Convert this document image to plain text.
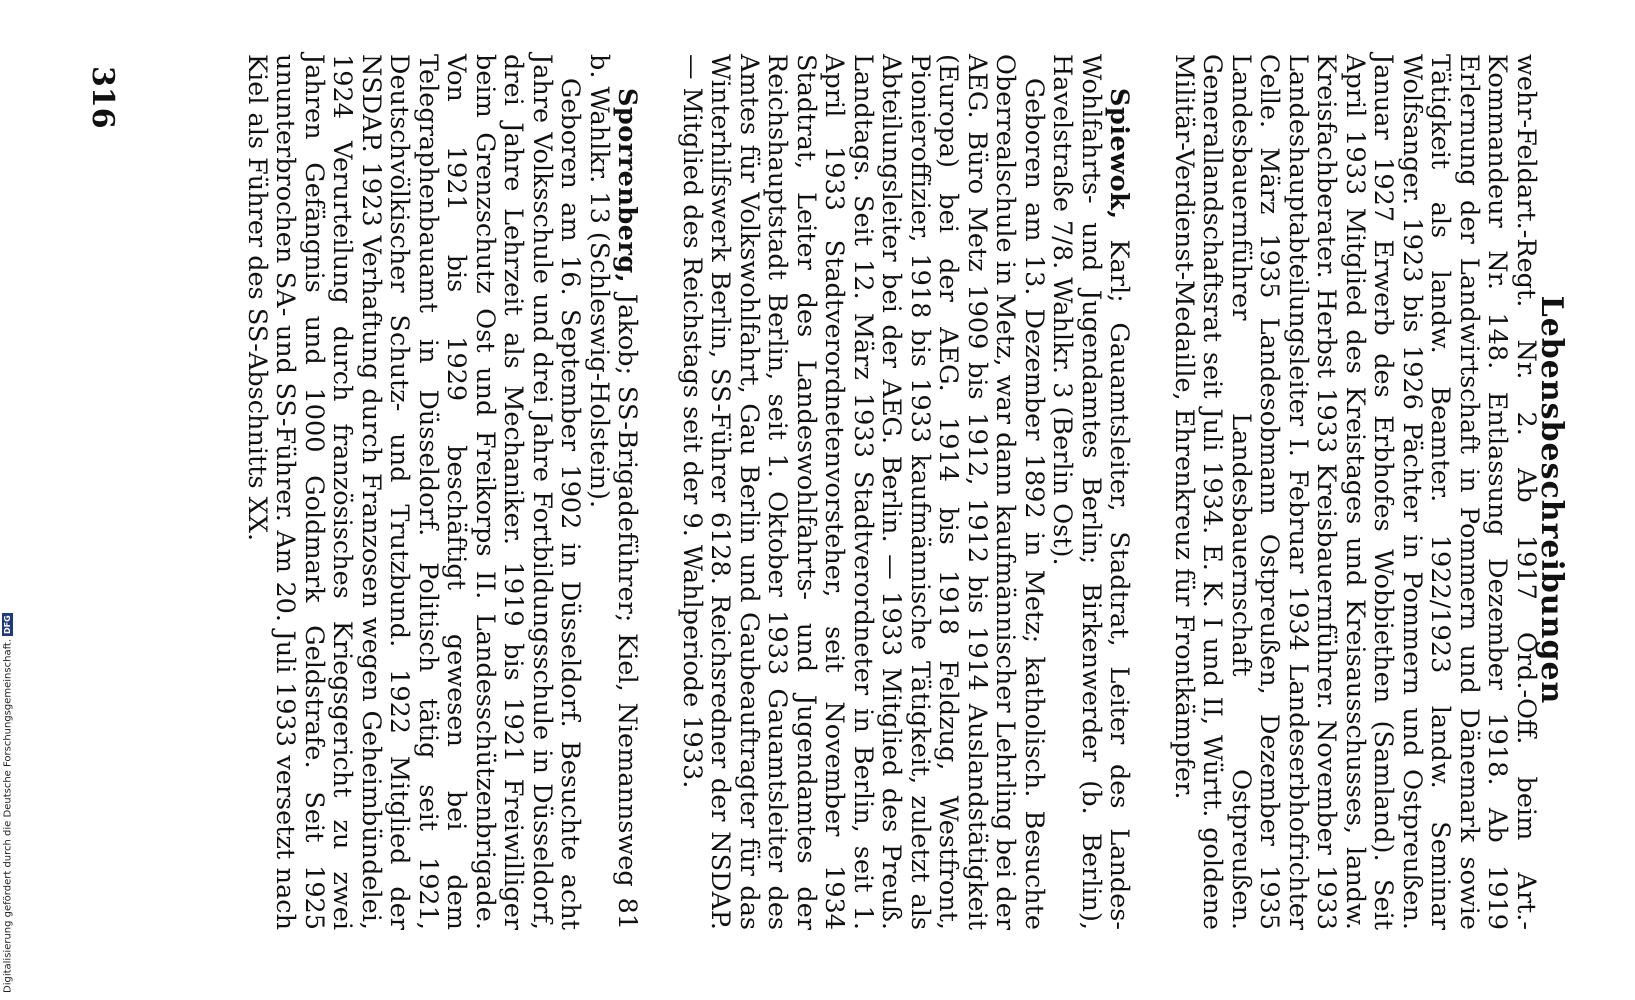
Lebensbeschreibungen

wehr-Feldart.-Regt. Nr. 2. Ab 1917 Ord.-Off. beim Art.-Kommandeur Nr. 148. Entlassung Dezember 1918. Ab 1919 Erlernung der Landwirtschaft in Pommern und Dänemark sowie Tätigkeit als landw. Beamter. 1922/1923 landw. Seminar Wolfsanger. 1923 bis 1926 Pächter in Pommern und Ostpreußen. Januar 1927 Erwerb des Erbhofes Wobbiethen (Samland). Seit April 1933 Mitglied des Kreistages und Kreisausschusses, landw. Kreisfachberater. Herbst 1933 Kreisbauernführer. November 1933 Landeshauptabteilungsleiter I. Februar 1934 Landeserbhofrichter Celle. März 1935 Landesobmann Ostpreußen, Dezember 1935 Landesbauernführer Landesbauernschaft Ostpreußen. Generallandschaftsrat seit Juli 1934. E. K. I und II, Württ. goldene Militär-Verdienst-Medaille, Ehrenkreuz für Frontkämpfer.

Spiewok, Karl; Gauamtsleiter, Stadtrat, Leiter des Landes-Wohlfahrts- und Jugendamtes Berlin; Birkenwerder (b. Berlin), Havelstraße 7/8. Wahlkr. 3 (Berlin Ost).
Geboren am 13. Dezember 1892 in Metz; katholisch. Besuchte Oberrealschule in Metz, war dann kaufmännischer Lehrling bei der AEG. Büro Metz 1909 bis 1912, 1912 bis 1914 Auslandstätigkeit (Europa) bei der AEG. 1914 bis 1918 Feldzug, Westfront, Pionieroffizier, 1918 bis 1933 kaufmännische Tätigkeit, zuletzt als Abteilungsleiter bei der AEG. Berlin. — 1933 Mitglied des Preuß. Landtags. Seit 12. März 1933 Stadtverordneter in Berlin, seit 1. April 1933 Stadtverordnetenvorsteher, seit November 1934 Stadtrat, Leiter des Landeswohlfahrts- und Jugendamtes der Reichshauptstadt Berlin, seit 1. Oktober 1933 Gauamtsleiter des Amtes für Volkswohlfahrt, Gau Berlin und Gaubeauftragter für das Winterhilfswerk Berlin, SS-Führer 6128. Reichsredner der NSDAP. — Mitglied des Reichstags seit der 9. Wahlperiode 1933.
Sporrenberg, Jakob; SS-Brigadeführer; Kiel, Niemannsweg 81 b. Wahlkr. 13 (Schleswig-Holstein).
Geboren am 16. September 1902 in Düsseldorf. Besuchte acht Jahre Volksschule und drei Jahre Fortbildungsschule in Düsseldorf, drei Jahre Lehrzeit als Mechaniker. 1919 bis 1921 Freiwilliger beim Grenzschutz Ost und Freikorps II. Landesschützenbrigade. Von 1921 bis 1929 beschäftigt gewesen bei dem Telegraphenbauamt in Düsseldorf. Politisch tätig seit 1921, Deutschvölkischer Schutz- und Trutzbund. 1922 Mitglied der NSDAP. 1923 Verhaftung durch Franzosen wegen Geheimbündelei, 1924 Verurteilung durch französisches Kriegsgericht zu zwei Jahren Gefängnis und 1000 Goldmark Geldstrafe. Seit 1925 ununterbrochen SA- und SS-Führer. Am 20. Juli 1933 versetzt nach Kiel als Führer des SS-Abschnitts XX.
316
Digitalisierung gefördert durch die Deutsche Forschungsgemeinschaft.DFG
